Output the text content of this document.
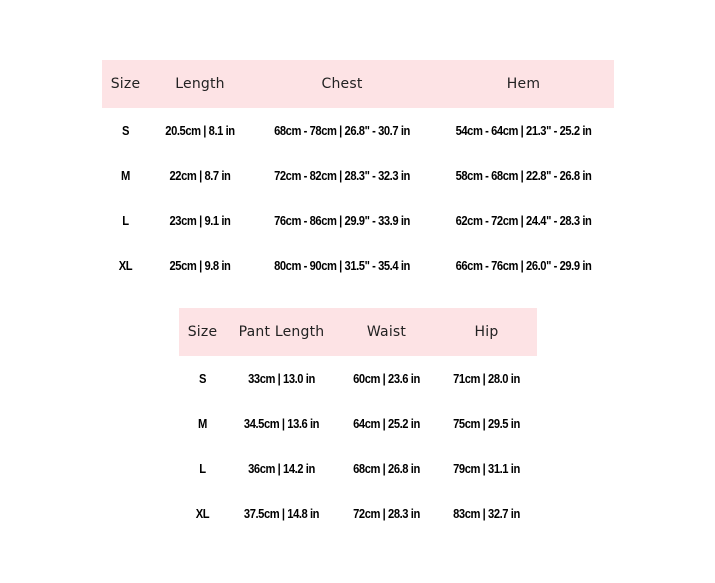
Size	Length	Chest	Hem
S	20.5cm | 8.1 in	68cm - 78cm | 26.8" - 30.7 in	54cm - 64cm | 21.3" - 25.2 in
M	22cm | 8.7 in	72cm - 82cm | 28.3" - 32.3 in	58cm - 68cm | 22.8" - 26.8 in
L	23cm | 9.1 in	76cm - 86cm | 29.9" - 33.9 in	62cm - 72cm | 24.4" - 28.3 in
XL	25cm | 9.8 in	80cm - 90cm | 31.5" - 35.4 in	66cm - 76cm | 26.0" - 29.9 in
Size	Pant Length	Waist	Hip
S	33cm | 13.0 in	60cm | 23.6 in	71cm | 28.0 in
M	34.5cm | 13.6 in	64cm | 25.2 in	75cm | 29.5 in
L	36cm | 14.2 in	68cm | 26.8 in	79cm | 31.1 in
XL	37.5cm | 14.8 in	72cm | 28.3 in	83cm | 32.7 in
